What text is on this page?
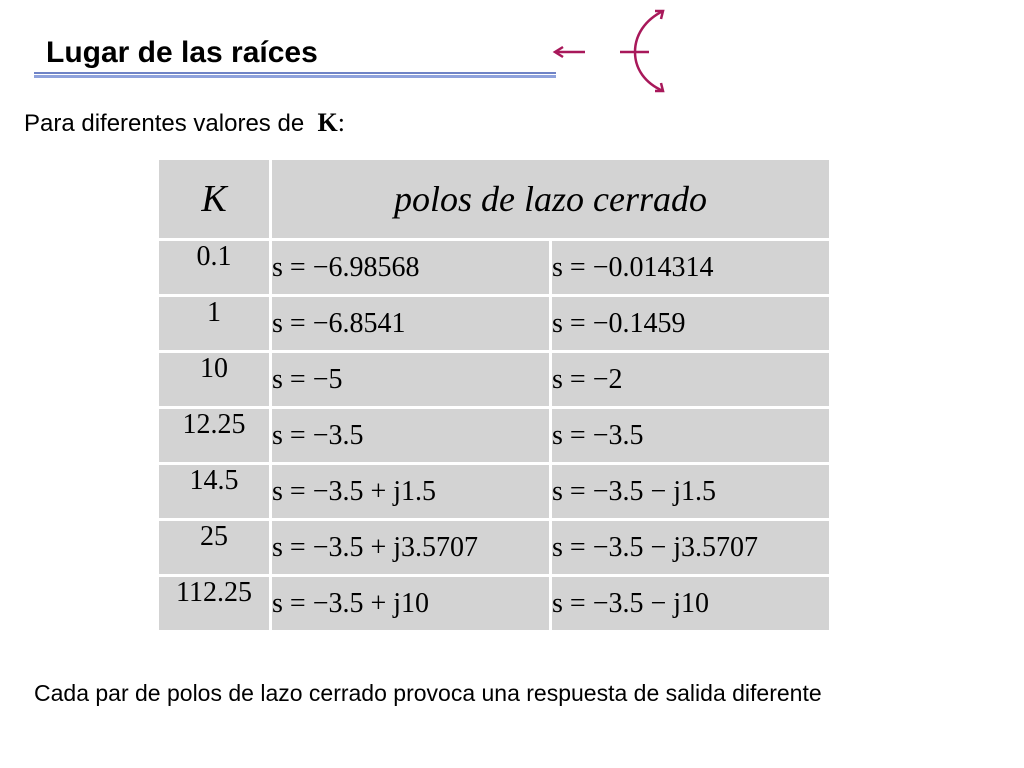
Lugar de las raíces
Para diferentes valores de K:
K	polos de lazo cerrado	
0.1	s = −6.98568	s = −0.014314
1	s = −6.8541	s = −0.1459
10	s = −5	s = −2
12.25	s = −3.5	s = −3.5
14.5	s = −3.5 + j1.5	s = −3.5 − j1.5
25	s = −3.5 + j3.5707	s = −3.5 − j3.5707
112.25	s = −3.5 + j10	s = −3.5 − j10
Cada par de polos de lazo cerrado provoca una respuesta de salida diferente
